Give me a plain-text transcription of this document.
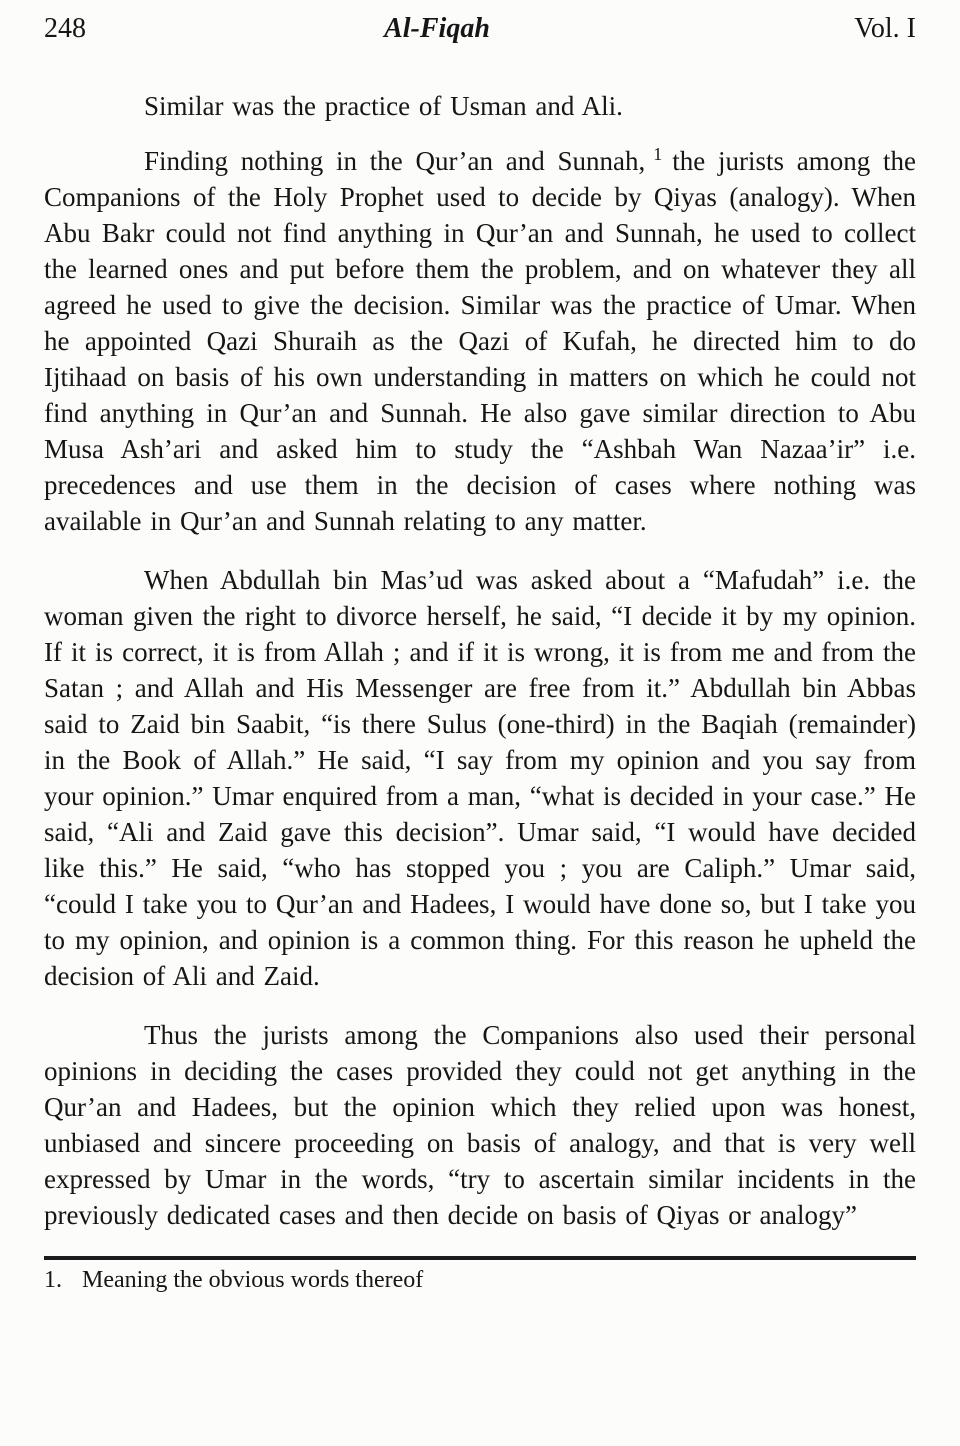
248	Al-Fiqah	Vol. I

Similar was the practice of Usman and Ali.

Finding nothing in the Qur’an and Sunnah, $^1$ the jurists among the Companions of the Holy Prophet used to decide by Qiyas (analogy). When Abu Bakr could not find anything in Qur’an and Sunnah, he used to collect the learned ones and put before them the problem, and on whatever they all agreed he used to give the decision. Similar was the practice of Umar. When he appointed Qazi Shuraih as the Qazi of Kufah, he directed him to do Ijtihaad on basis of his own understanding in matters on which he could not find anything in Qur’an and Sunnah. He also gave similar direction to Abu Musa Ash’ari and asked him to study the “Ashbah Wan Nazaa’ir” i.e. precedences and use them in the decision of cases where nothing was available in Qur’an and Sunnah relating to any matter.

When Abdullah bin Mas’ud was asked about a “Mafudah” i.e. the woman given the right to divorce herself, he said, “I decide it by my opinion. If it is correct, it is from Allah ; and if it is wrong, it is from me and from the Satan ; and Allah and His Messenger are free from it.” Abdullah bin Abbas said to Zaid bin Saabit, “is there Sulus (one-third) in the Baqiah (remainder) in the Book of Allah.” He said, “I say from my opinion and you say from your opinion.” Umar enquired from a man, “what is decided in your case.” He said, “Ali and Zaid gave this decision”. Umar said, “I would have decided like this.” He said, “who has stopped you ; you are Caliph.” Umar said, “could I take you to Qur’an and Hadees, I would have done so, but I take you to my opinion, and opinion is a common thing. For this reason he upheld the decision of Ali and Zaid.

Thus the jurists among the Companions also used their personal opinions in deciding the cases provided they could not get anything in the Qur’an and Hadees, but the opinion which they relied upon was honest, unbiased and sincere proceeding on basis of analogy, and that is very well expressed by Umar in the words, “try to ascertain similar incidents in the previously dedicated cases and then decide on basis of Qiyas or analogy”

1. Meaning the obvious words thereof
